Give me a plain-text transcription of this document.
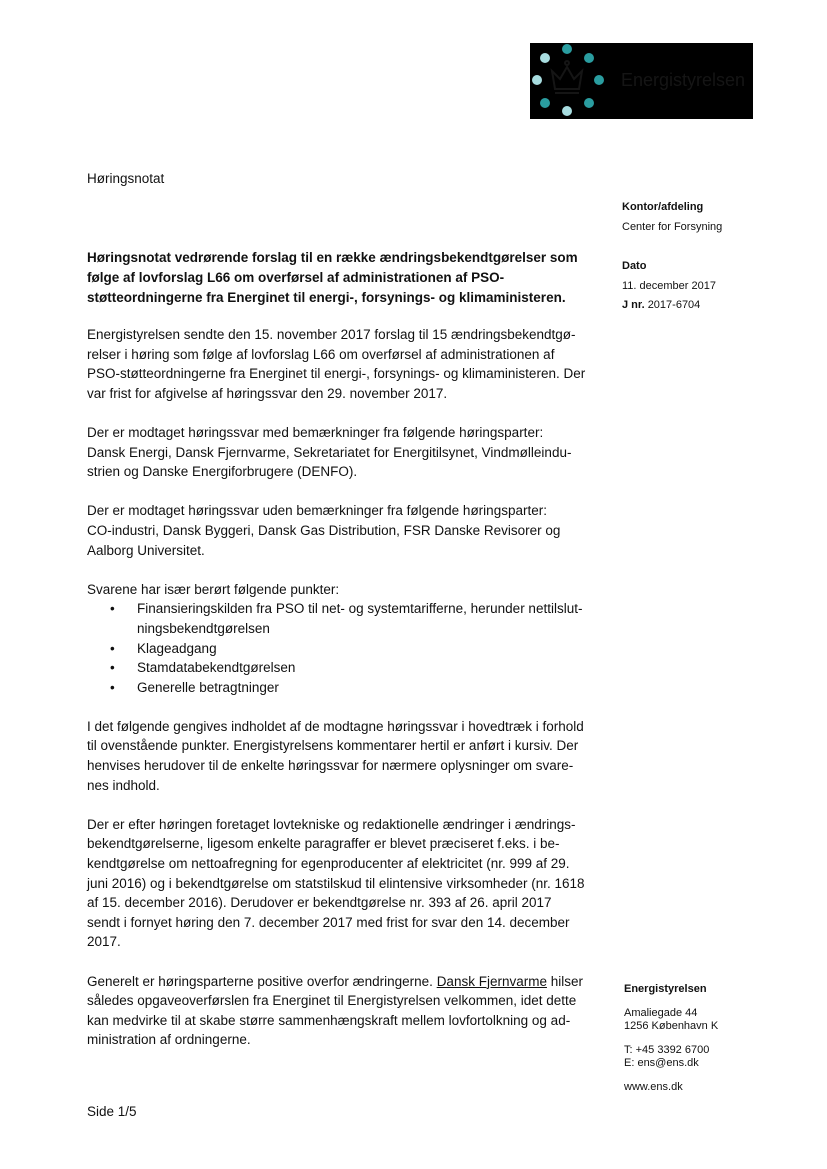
Energistyrelsen
Høringsnotat
Kontor/afdeling
Center for Forsyning
Dato
11. december 2017
J nr. 2017-6704
Høringsnotat vedrørende forslag til en række ændringsbekendtgørelser som
følge af lovforslag L66 om overførsel af administrationen af PSO-
støtteordningerne fra Energinet til energi-, forsynings- og klimaministeren.

Energistyrelsen sendte den 15. november 2017 forslag til 15 ændringsbekendtgø-
relser i høring som følge af lovforslag L66 om overførsel af administrationen af
PSO-støtteordningerne fra Energinet til energi-, forsynings- og klimaministeren. Der
var frist for afgivelse af høringssvar den 29. november 2017.

Der er modtaget høringssvar med bemærkninger fra følgende høringsparter:
Dansk Energi, Dansk Fjernvarme, Sekretariatet for Energitilsynet, Vindmølleindu-
strien og Danske Energiforbrugere (DENFO).

Der er modtaget høringssvar uden bemærkninger fra følgende høringsparter:
CO-industri, Dansk Byggeri, Dansk Gas Distribution, FSR Danske Revisorer og
Aalborg Universitet.

Svarene har især berørt følgende punkter:
• Finansieringskilden fra PSO til net- og systemtarifferne, herunder nettilslut-
ningsbekendtgørelsen
• Klageadgang
• Stamdatabekendtgørelsen
• Generelle betragtninger

I det følgende gengives indholdet af de modtagne høringssvar i hovedtræk i forhold
til ovenstående punkter. Energistyrelsens kommentarer hertil er anført i kursiv. Der
henvises herudover til de enkelte høringssvar for nærmere oplysninger om svare-
nes indhold.

Der er efter høringen foretaget lovtekniske og redaktionelle ændringer i ændrings-
bekendtgørelserne, ligesom enkelte paragraffer er blevet præciseret f.eks. i be-
kendtgørelse om nettoafregning for egenproducenter af elektricitet (nr. 999 af 29.
juni 2016) og i bekendtgørelse om statstilskud til elintensive virksomheder (nr. 1618
af 15. december 2016). Derudover er bekendtgørelse nr. 393 af 26. april 2017
sendt i fornyet høring den 7. december 2017 med frist for svar den 14. december
2017.

Generelt er høringsparterne positive overfor ændringerne. Dansk Fjernvarme hilser
således opgaveoverførslen fra Energinet til Energistyrelsen velkommen, idet dette
kan medvirke til at skabe større sammenhængskraft mellem lovfortolkning og ad-
ministration af ordningerne.

Energistyrelsen
Amaliegade 44
1256 København K
T: +45 3392 6700
E: ens@ens.dk
www.ens.dk
Side 1/5
